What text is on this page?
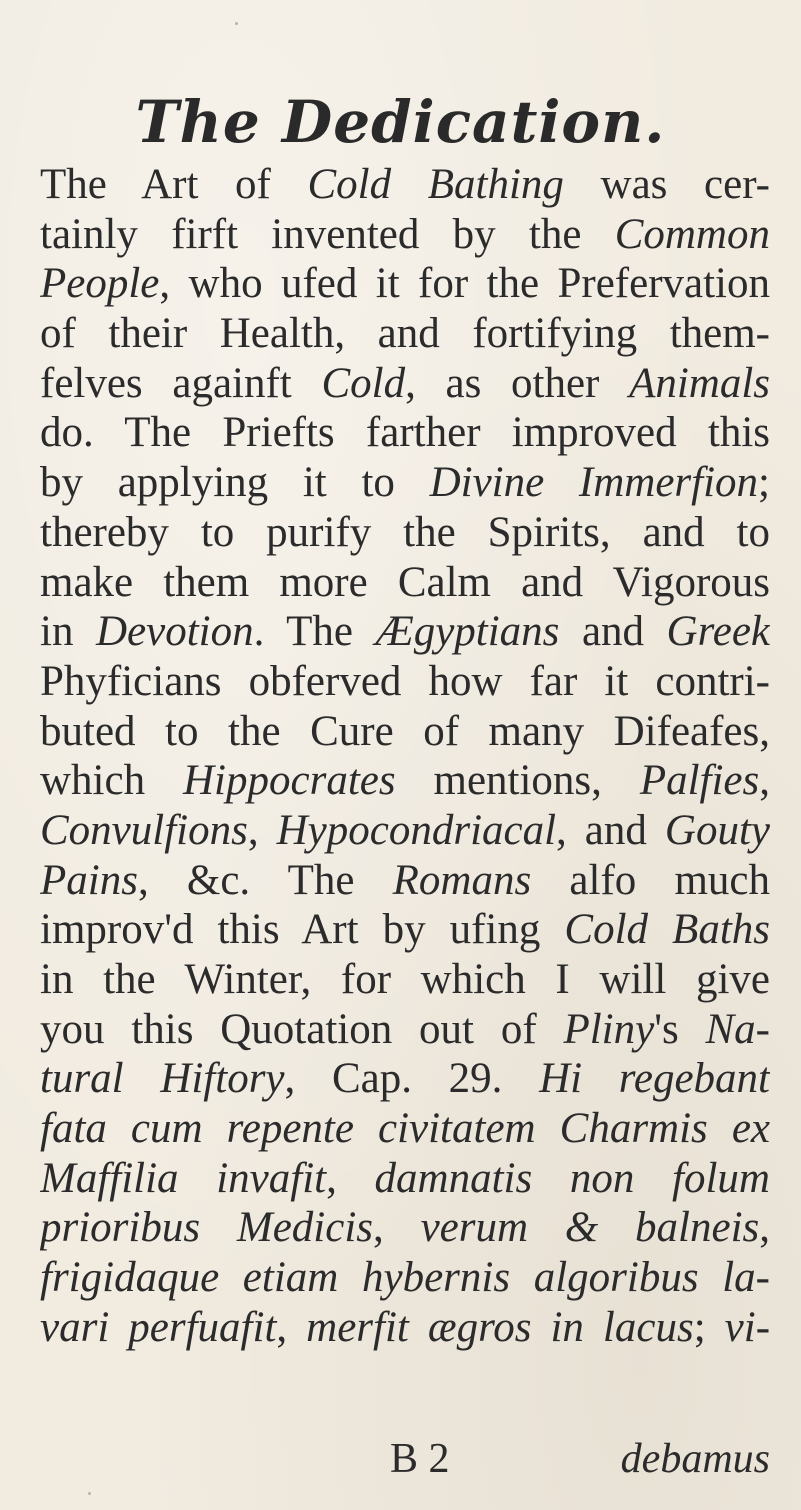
The Dedication.
The Art of Cold Bathing was cer-
tainly firft invented by the Common
People, who ufed it for the Prefervation
of their Health, and fortifying them-
felves againft Cold, as other Animals
do. The Priefts farther improved this
by applying it to Divine Immerfion;
thereby to purify the Spirits, and to
make them more Calm and Vigorous
in Devotion. The Ægyptians and Greek
Phyficians obferved how far it contri-
buted to the Cure of many Difeafes,
which Hippocrates mentions, Palfies,
Convulfions, Hypocondriacal, and Gouty
Pains, &c. The Romans alfo much
improv'd this Art by ufing Cold Baths
in the Winter, for which I will give
you this Quotation out of Pliny's Na-
tural Hiftory, Cap. 29. Hi regebant
fata cum repente civitatem Charmis ex
Maffilia invafit, damnatis non folum
prioribus Medicis, verum & balneis,
frigidaque etiam hybernis algoribus la-
vari perfuafit, merfit ægros in lacus; vi-
B 2	debamus
